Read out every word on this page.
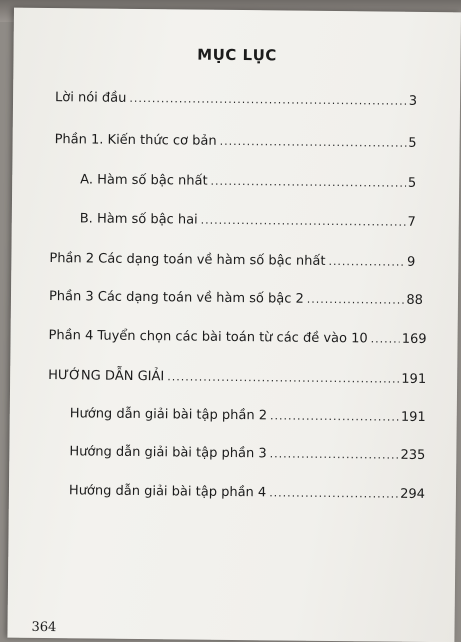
MỤC LỤC
Lời nói đầu .....	3
Phần 1. Kiến thức cơ bản .....	5
A. Hàm số bậc nhất .....	5
B. Hàm số bậc hai .....	7
Phần 2 Các dạng toán về hàm số bậc nhất .....	9
Phần 3 Các dạng toán về hàm số bậc 2 .....	88
Phần 4 Tuyển chọn các bài toán từ các đề vào 10 .....	169
HƯỚNG DẪN GIẢI .....	191
Hướng dẫn giải bài tập phần 2 .....	191
Hướng dẫn giải bài tập phần 3 .....	235
Hướng dẫn giải bài tập phần 4 .....	294
364
